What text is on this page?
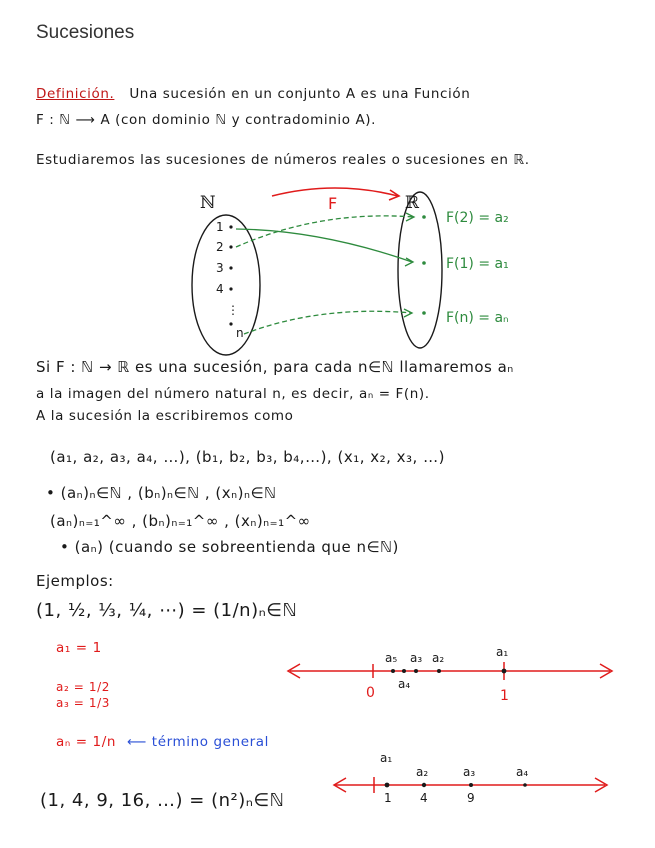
Sucesiones
Definición. Una sucesión en un conjunto A es una Función
F : ℕ ⟶ A (con dominio ℕ y contradominio A).
Estudiaremos las sucesiones de números reales o sucesiones en ℝ.
ℕ
1
2
3
4
⋮
n
ℝ
F
F(2) = a₂
F(1) = a₁
F(n) = aₙ
Si F : ℕ → ℝ es una sucesión, para cada n∈ℕ llamaremos aₙ
a la imagen del número natural n, es decir, aₙ = F(n).
A la sucesión la escribiremos como
(a₁, a₂, a₃, a₄, …), (b₁, b₂, b₃, b₄,…), (x₁, x₂, x₃, …)
• (aₙ)ₙ∈ℕ , (bₙ)ₙ∈ℕ , (xₙ)ₙ∈ℕ
(aₙ)ₙ₌₁^∞ , (bₙ)ₙ₌₁^∞ , (xₙ)ₙ₌₁^∞
• (aₙ) (cuando se sobreentienda que n∈ℕ)
Ejemplos:
(1, ½, ⅓, ¼, ⋯) = (1/n)ₙ∈ℕ
a₁ = 1
a₂ = 1/2
a₃ = 1/3
aₙ = 1/n ⟵ término general
(1, 4, 9, 16, …) = (n²)ₙ∈ℕ
a₅ a₃ a₂	a₁
a₄
0	1
a₁
a₂	a₃	a₄
1 4	9
